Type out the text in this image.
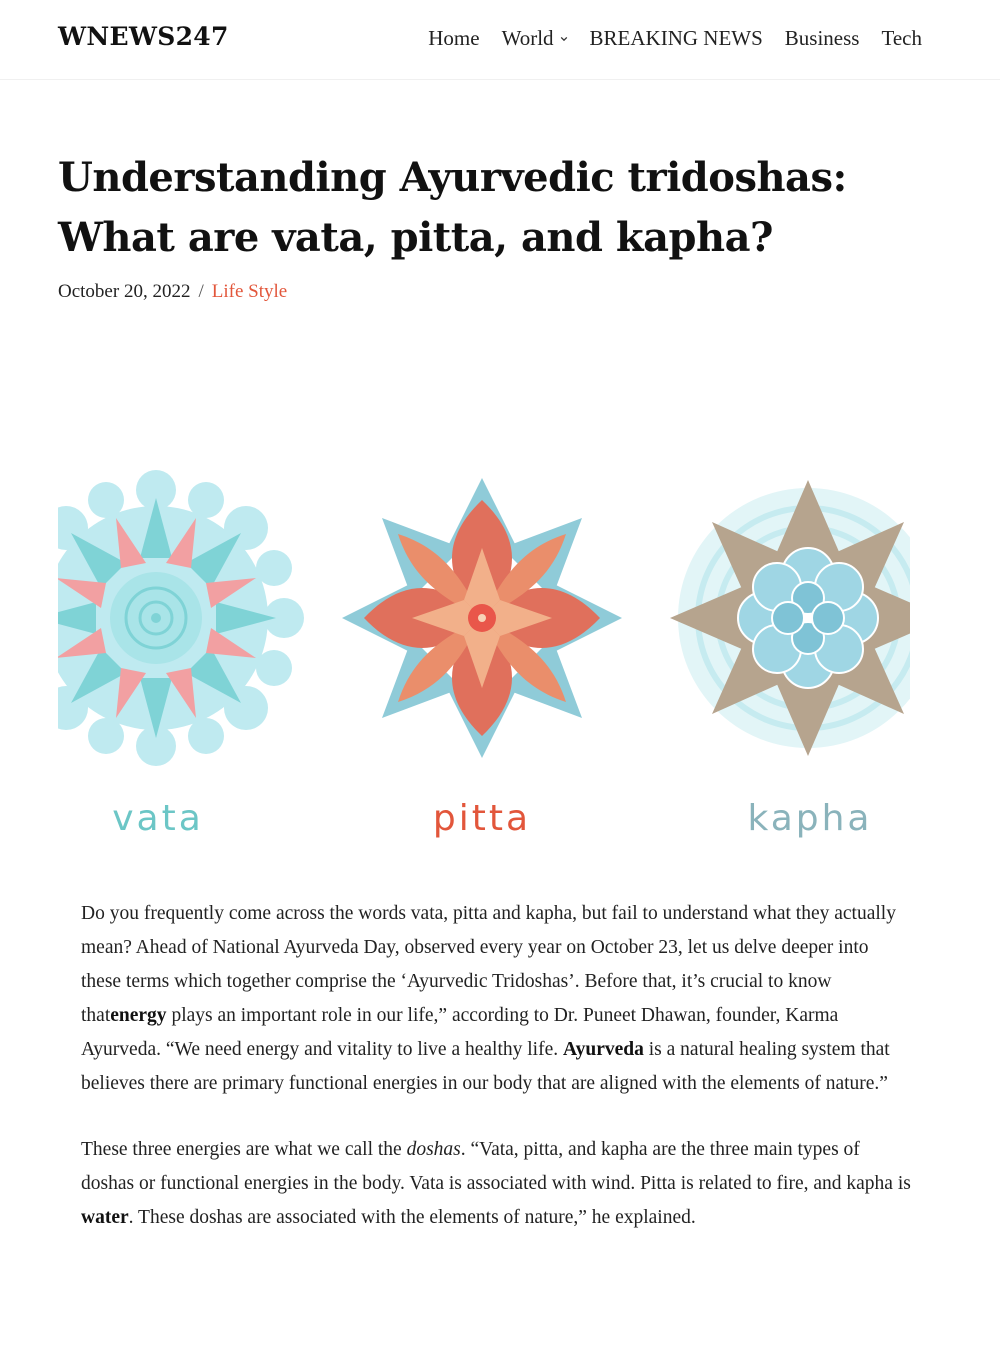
WNEWS247	Home World BREAKING NEWS Business Tech
Understanding Ayurvedic tridoshas: What are vata, pitta, and kapha?
October 20, 2022 / Life Style
vata	pitta	kapha

Do you frequently come across the words vata, pitta and kapha, but fail to understand what they actually mean? Ahead of National Ayurveda Day, observed every year on October 23, let us delve deeper into these terms which together comprise the ‘Ayurvedic Tridoshas’. Before that, it’s crucial to know thatenergy plays an important role in our life,” according to Dr. Puneet Dhawan, founder, Karma Ayurveda. “We need energy and vitality to live a healthy life. Ayurveda is a natural healing system that believes there are primary functional energies in our body that are aligned with the elements of nature.”

These three energies are what we call the doshas. “Vata, pitta, and kapha are the three main types of doshas or functional energies in the body. Vata is associated with wind. Pitta is related to fire, and kapha is water. These doshas are associated with the elements of nature,” he explained.
